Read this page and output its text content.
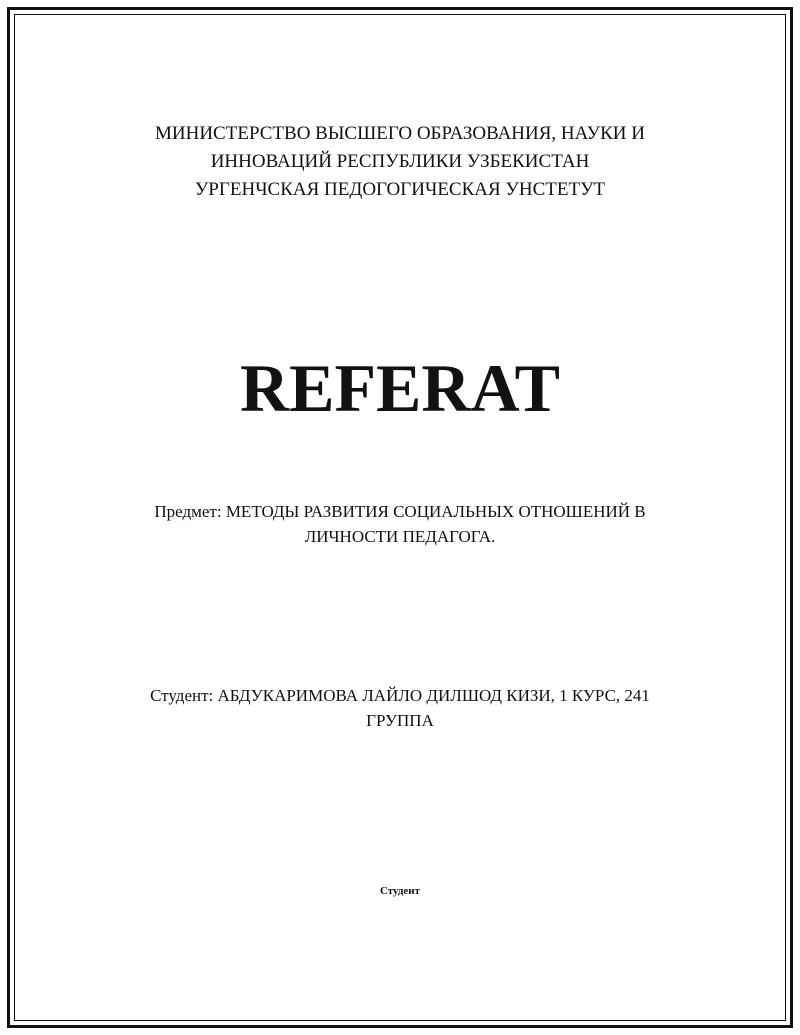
МИНИСТЕРСТВО ВЫСШЕГО ОБРАЗОВАНИЯ, НАУКИ И
ИННОВАЦИЙ РЕСПУБЛИКИ УЗБЕКИСТАН
УРГЕНЧСКАЯ ПЕДОГОГИЧЕСКАЯ УНСТЕТУТ
REFERAT
Предмет: МЕТОДЫ РАЗВИТИЯ СОЦИАЛЬНЫХ ОТНОШЕНИЙ В
ЛИЧНОСТИ ПЕДАГОГА.
Студент: АБДУКАРИМОВА ЛАЙЛО ДИЛШОД КИЗИ, 1 КУРС, 241
ГРУППА
Студент
